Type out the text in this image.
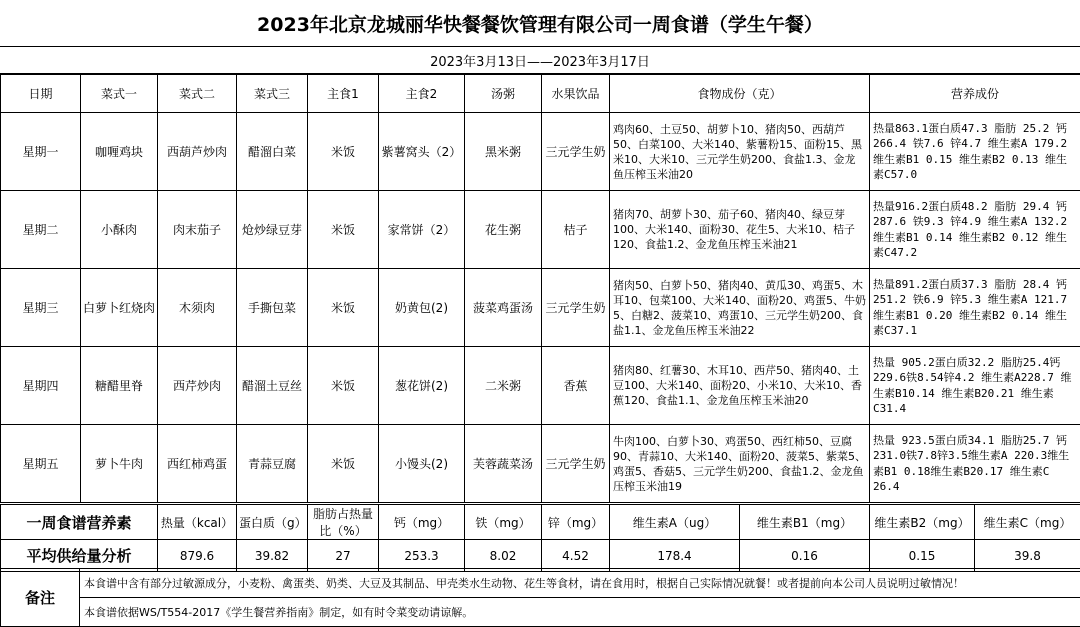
2023年北京龙城丽华快餐餐饮管理有限公司一周食谱（学生午餐）
2023年3月13日——2023年3月17日
日期	菜式一	菜式二	菜式三	主食1	主食2	汤粥	水果饮品	食物成份（克）	营养成份
星期一	咖喱鸡块	西葫芦炒肉	醋溜白菜	米饭	紫薯窝头（2）	黑米粥	三元学生奶	鸡肉60、土豆50、胡萝卜10、猪肉50、西葫芦50、白菜100、大米140、紫薯粉15、面粉15、黑米10、大米10、三元学生奶200、食盐1.3、金龙鱼压榨玉米油20	热量863.1蛋白质47.3 脂肪 25.2 钙266.4 铁7.6 锌4.7 维生素A 179.2维生素B1 0.15 维生素B2 0.13 维生素C57.0
星期二	小酥肉	肉末茄子	炝炒绿豆芽	米饭	家常饼（2）	花生粥	桔子	猪肉70、胡萝卜30、茄子60、猪肉40、绿豆芽100、大米140、面粉30、花生5、大米10、桔子120、食盐1.2、金龙鱼压榨玉米油21	热量916.2蛋白质48.2 脂肪 29.4 钙287.6 铁9.3 锌4.9 维生素A 132.2维生素B1 0.14 维生素B2 0.12 维生素C47.2
星期三	白萝卜红烧肉	木须肉	手撕包菜	米饭	奶黄包(2)	菠菜鸡蛋汤	三元学生奶	猪肉50、白萝卜50、猪肉40、黄瓜30、鸡蛋5、木耳10、包菜100、大米140、面粉20、鸡蛋5、牛奶5、白糖2、菠菜10、鸡蛋10、三元学生奶200、食盐1.1、金龙鱼压榨玉米油22	热量891.2蛋白质37.3 脂肪 28.4 钙251.2 铁6.9 锌5.3 维生素A 121.7维生素B1 0.20 维生素B2 0.14 维生素C37.1
星期四	糖醋里脊	西芹炒肉	醋溜土豆丝	米饭	葱花饼(2)	二米粥	香蕉	猪肉80、红薯30、木耳10、西芹50、猪肉40、土豆100、大米140、面粉20、小米10、大米10、香蕉120、食盐1.1、金龙鱼压榨玉米油20	热量 905.2蛋白质32.2 脂肪25.4钙229.6铁8.54锌4.2 维生素A228.7 维生素B10.14 维生素B20.21 维生素C31.4
星期五	萝卜牛肉	西红柿鸡蛋	青蒜豆腐	米饭	小馒头(2)	芙蓉蔬菜汤	三元学生奶	牛肉100、白萝卜30、鸡蛋50、西红柿50、豆腐90、青蒜10、大米140、面粉20、菠菜5、紫菜5、鸡蛋5、香菇5、三元学生奶200、食盐1.2、金龙鱼压榨玉米油19	热量 923.5蛋白质34.1 脂肪25.7 钙231.0铁7.8锌3.5维生素A 220.3维生素B1 0.18维生素B20.17 维生素C 26.4
一周食谱营养素	热量（kcal）	蛋白质（g）	脂肪占热量比（%）	钙（mg）	铁（mg）	锌（mg）	维生素A（ug）	维生素B1（mg）	维生素B2（mg）	维生素C（mg）
平均供给量分析	879.6	39.82	27	253.3	8.02	4.52	178.4	0.16	0.15	39.8
备注	本食谱中含有部分过敏源成分，小麦粉、禽蛋类、奶类、大豆及其制品、甲壳类水生动物、花生等食材，请在食用时，根据自己实际情况就餐！或者提前向本公司人员说明过敏情况！
本食谱依据WS/T554-2017《学生餐营养指南》制定，如有时令菜变动请谅解。
